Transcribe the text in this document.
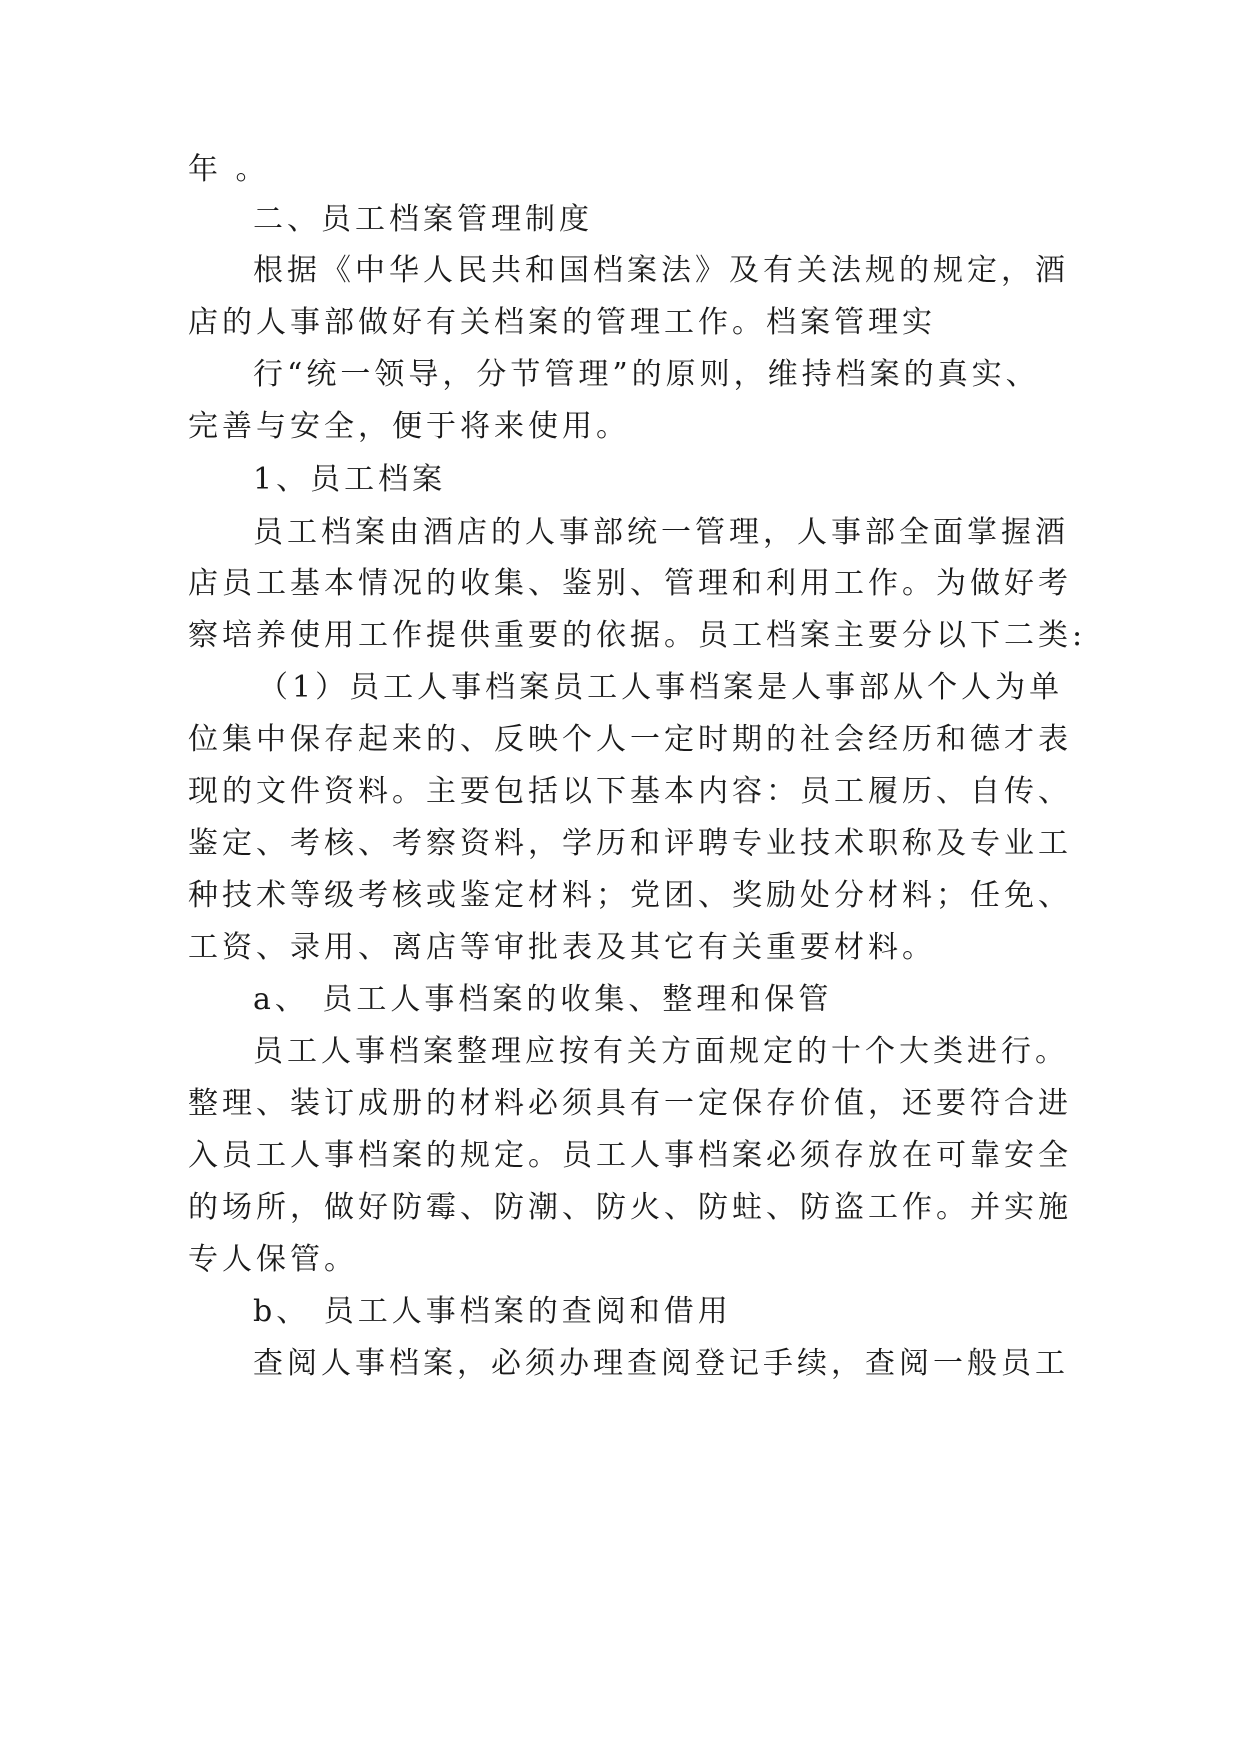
年 。
二、员工档案管理制度
根据《中华人民共和国档案法》及有关法规的规定，酒
店的人事部做好有关档案的管理工作。档案管理实
行“统一领导，分节管理”的原则，维持档案的真实、
完善与安全，便于将来使用。
1、员工档案
员工档案由酒店的人事部统一管理，人事部全面掌握酒
店员工基本情况的收集、鉴别、管理和利用工作。为做好考
察培养使用工作提供重要的依据。员工档案主要分以下二类:
（1）员工人事档案员工人事档案是人事部从个人为单
位集中保存起来的、反映个人一定时期的社会经历和德才表
现的文件资料。主要包括以下基本内容：员工履历、自传、
鉴定、考核、考察资料，学历和评聘专业技术职称及专业工
种技术等级考核或鉴定材料；党团、奖励处分材料；任免、
工资、录用、离店等审批表及其它有关重要材料。
a、 员工人事档案的收集、整理和保管
员工人事档案整理应按有关方面规定的十个大类进行。
整理、装订成册的材料必须具有一定保存价值，还要符合进
入员工人事档案的规定。员工人事档案必须存放在可靠安全
的场所，做好防霉、防潮、防火、防蛀、防盗工作。并实施
专人保管。
b、 员工人事档案的查阅和借用
查阅人事档案，必须办理查阅登记手续，查阅一般员工
